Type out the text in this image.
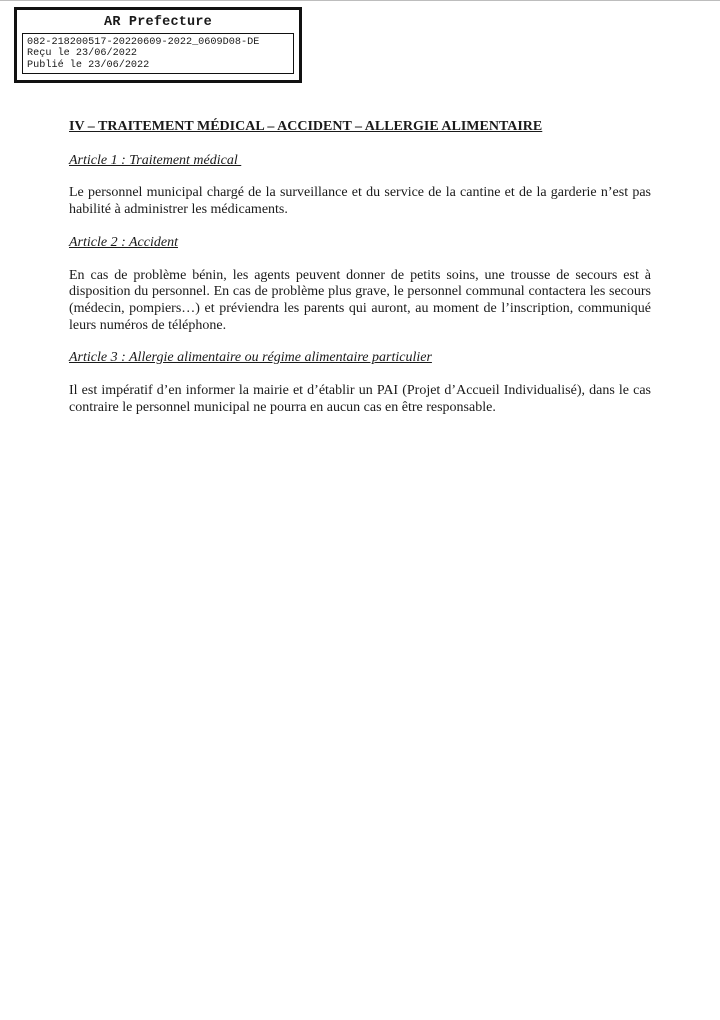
AR Prefecture
082-218200517-20220609-2022_0609D08-DE
Reçu le 23/06/2022
Publié le 23/06/2022

IV – TRAITEMENT MÉDICAL – ACCIDENT – ALLERGIE ALIMENTAIRE

Article 1 : Traitement médical

Le personnel municipal chargé de la surveillance et du service de la cantine et de la garderie n’est pas habilité à administrer les médicaments.

Article 2 : Accident

En cas de problème bénin, les agents peuvent donner de petits soins, une trousse de secours est à disposition du personnel. En cas de problème plus grave, le personnel communal contactera les secours (médecin, pompiers…) et préviendra les parents qui auront, au moment de l’inscription, communiqué leurs numéros de téléphone.

Article 3 : Allergie alimentaire ou régime alimentaire particulier

Il est impératif d’en informer la mairie et d’établir un PAI (Projet d’Accueil Individualisé), dans le cas contraire le personnel municipal ne pourra en aucun cas en être responsable.
